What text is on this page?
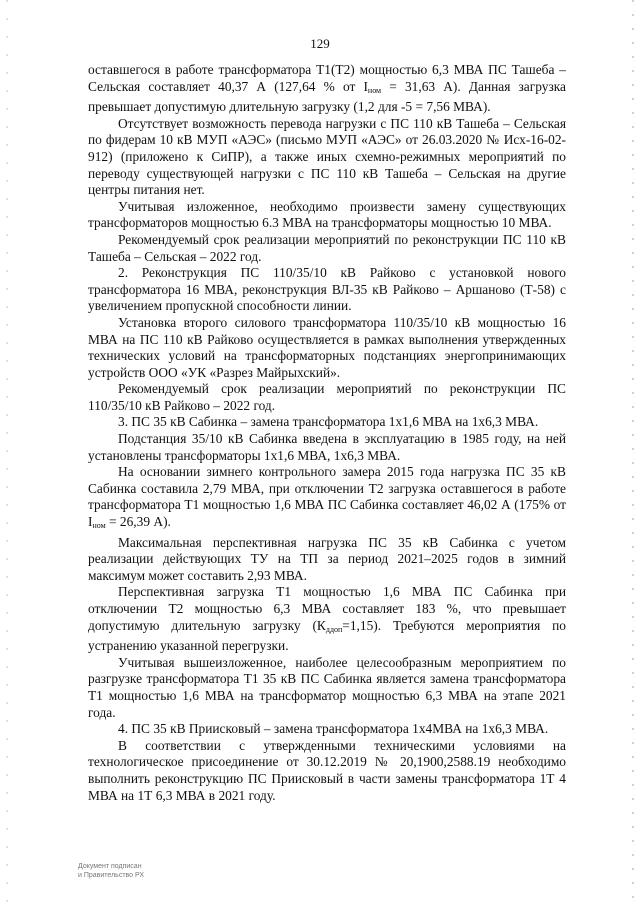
129

оставшегося в работе трансформатора Т1(Т2) мощностью 6,3 МВА ПС Ташеба – Сельская составляет 40,37 А (127,64 % от $I_{ном} = 31,63$ А). Данная загрузка превышает допустимую длительную загрузку (1,2 для -5 = 7,56 МВА).

Отсутствует возможность перевода нагрузки с ПС 110 кВ Ташеба – Сельская по фидерам 10 кВ МУП «АЭС» (письмо МУП «АЭС» от 26.03.2020 № Исх-16-02-912) (приложено к СиПР), а также иных схемно-режимных мероприятий по переводу существующей нагрузки с ПС 110 кВ Ташеба – Сельская на другие центры питания нет.

Учитывая изложенное, необходимо произвести замену существующих трансформаторов мощностью 6.3 МВА на трансформаторы мощностью 10 МВА.

Рекомендуемый срок реализации мероприятий по реконструкции ПС 110 кВ Ташеба – Сельская – 2022 год.

2. Реконструкция ПС 110/35/10 кВ Райково с установкой нового трансформатора 16 МВА, реконструкция ВЛ-35 кВ Райково – Аршаново (Т-58) с увеличением пропускной способности линии.

Установка второго силового трансформатора 110/35/10 кВ мощностью 16 МВА на ПС 110 кВ Райково осуществляется в рамках выполнения утвержденных технических условий на трансформаторных подстанциях энергопринимающих устройств ООО «УК «Разрез Майрыхский».

Рекомендуемый срок реализации мероприятий по реконструкции ПС 110/35/10 кВ Райково – 2022 год.

3. ПС 35 кВ Сабинка – замена трансформатора 1х1,6 МВА на 1х6,3 МВА.

Подстанция 35/10 кВ Сабинка введена в эксплуатацию в 1985 году, на ней установлены трансформаторы 1х1,6 МВА, 1х6,3 МВА.

На основании зимнего контрольного замера 2015 года нагрузка ПС 35 кВ Сабинка составила 2,79 МВА, при отключении Т2 загрузка оставшегося в работе трансформатора Т1 мощностью 1,6 МВА ПС Сабинка составляет 46,02 А (175% от $I_{ном} = 26,39$ А).

Максимальная перспективная нагрузка ПС 35 кВ Сабинка с учетом реализации действующих ТУ на ТП за период 2021–2025 годов в зимний максимум может составить 2,93 МВА.

Перспективная загрузка Т1 мощностью 1,6 МВА ПС Сабинка при отключении Т2 мощностью 6,3 МВА составляет 183 %, что превышает допустимую длительную загрузку $(К_{ддоп}=1,15)$. Требуются мероприятия по устранению указанной перегрузки.

Учитывая вышеизложенное, наиболее целесообразным мероприятием по разгрузке трансформатора Т1 35 кВ ПС Сабинка является замена трансформатора Т1 мощностью 1,6 МВА на трансформатор мощностью 6,3 МВА на этапе 2021 года.

4. ПС 35 кВ Приисковый – замена трансформатора 1х4МВА на 1х6,3 МВА.

В соответствии с утвержденными техническими условиями на технологическое присоединение от 30.12.2019 № 20,1900,2588.19 необходимо выполнить реконструкцию ПС Приисковый в части замены трансформатора 1Т 4 МВА на 1Т 6,3 МВА в 2021 году.

Документ подписан
и Правительство РХ
